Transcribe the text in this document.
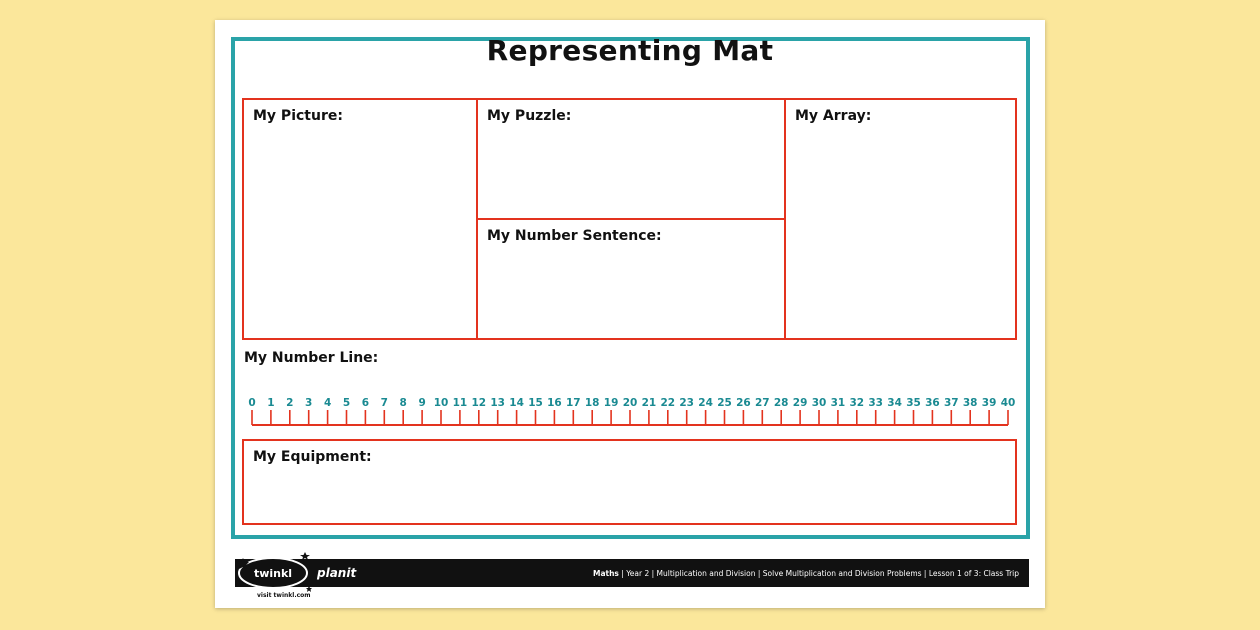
Representing Mat
My Picture:	My Puzzle:
My Number Sentence:
My Array:
My Number Line:
0 1 2 3 4 5 6 7 8 9 10 11 12 13 14 15 16 17 18 19 20 21 22 23 24 25 26 27 28 29 30 31 32 33 34 35 36 37 38 39 40
My Equipment:
twinkl planit	Maths | Year 2 | Multiplication and Division | Solve Multiplication and Division Problems | Lesson 1 of 3: Class Trip
visit twinkl.com
